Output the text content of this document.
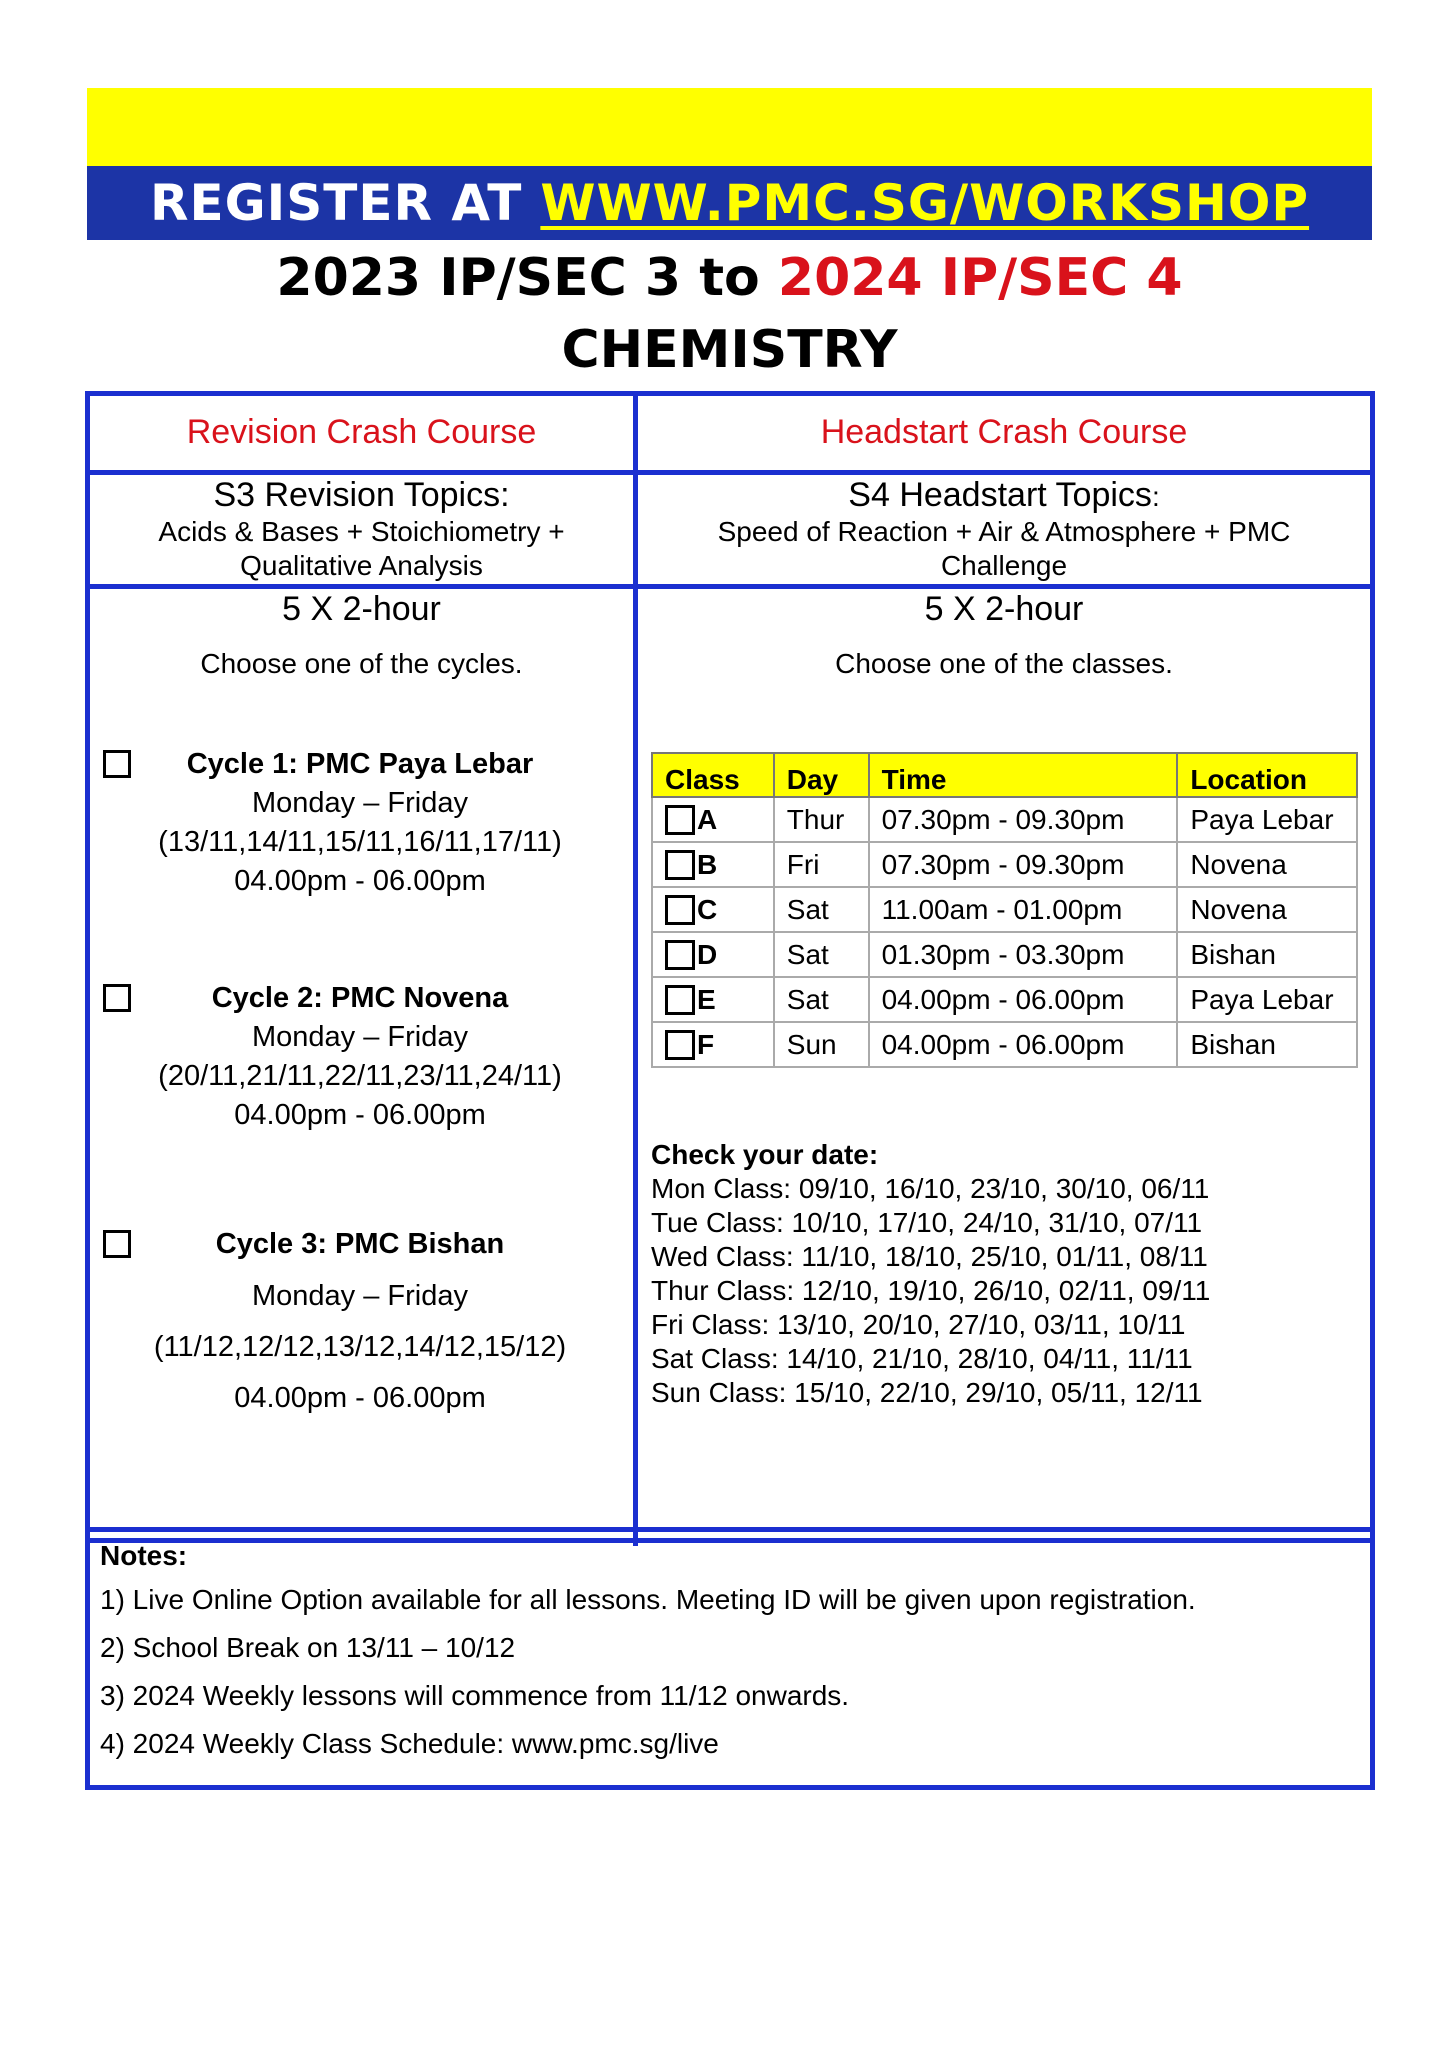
REGISTER AT WWW.PMC.SG/WORKSHOP
2023 IP/SEC 3 to 2024 IP/SEC 4
CHEMISTRY
Revision Crash Course
S3 Revision Topics:
Acids & Bases + Stoichiometry +
Qualitative Analysis
5 X 2-hour
Choose one of the cycles.
Cycle 1: PMC Paya Lebar
Monday – Friday
(13/11,14/11,15/11,16/11,17/11)
04.00pm - 06.00pm
Cycle 2: PMC Novena
Monday – Friday
(20/11,21/11,22/11,23/11,24/11)
04.00pm - 06.00pm
Cycle 3: PMC Bishan
Monday – Friday
(11/12,12/12,13/12,14/12,15/12)
04.00pm - 06.00pm
Headstart Crash Course
S4 Headstart Topics:
Speed of Reaction + Air & Atmosphere + PMC
Challenge
5 X 2-hour
Choose one of the classes.
Class	Day	Time	Location

A	Thur	07.30pm - 09.30pm	Paya Lebar

B	Fri	07.30pm - 09.30pm	Novena

C	Sat	11.00am - 01.00pm	Novena

D	Sat	01.30pm - 03.30pm	Bishan

E	Sat	04.00pm - 06.00pm	Paya Lebar

F	Sun	04.00pm - 06.00pm	Bishan
Check your date:
Mon Class: 09/10, 16/10, 23/10, 30/10, 06/11
Tue Class: 10/10, 17/10, 24/10, 31/10, 07/11
Wed Class: 11/10, 18/10, 25/10, 01/11, 08/11
Thur Class: 12/10, 19/10, 26/10, 02/11, 09/11
Fri Class: 13/10, 20/10, 27/10, 03/11, 10/11
Sat Class: 14/10, 21/10, 28/10, 04/11, 11/11
Sun Class: 15/10, 22/10, 29/10, 05/11, 12/11
Notes:
1) Live Online Option available for all lessons. Meeting ID will be given upon registration.
2) School Break on 13/11 – 10/12
3) 2024 Weekly lessons will commence from 11/12 onwards.
4) 2024 Weekly Class Schedule: www.pmc.sg/live
